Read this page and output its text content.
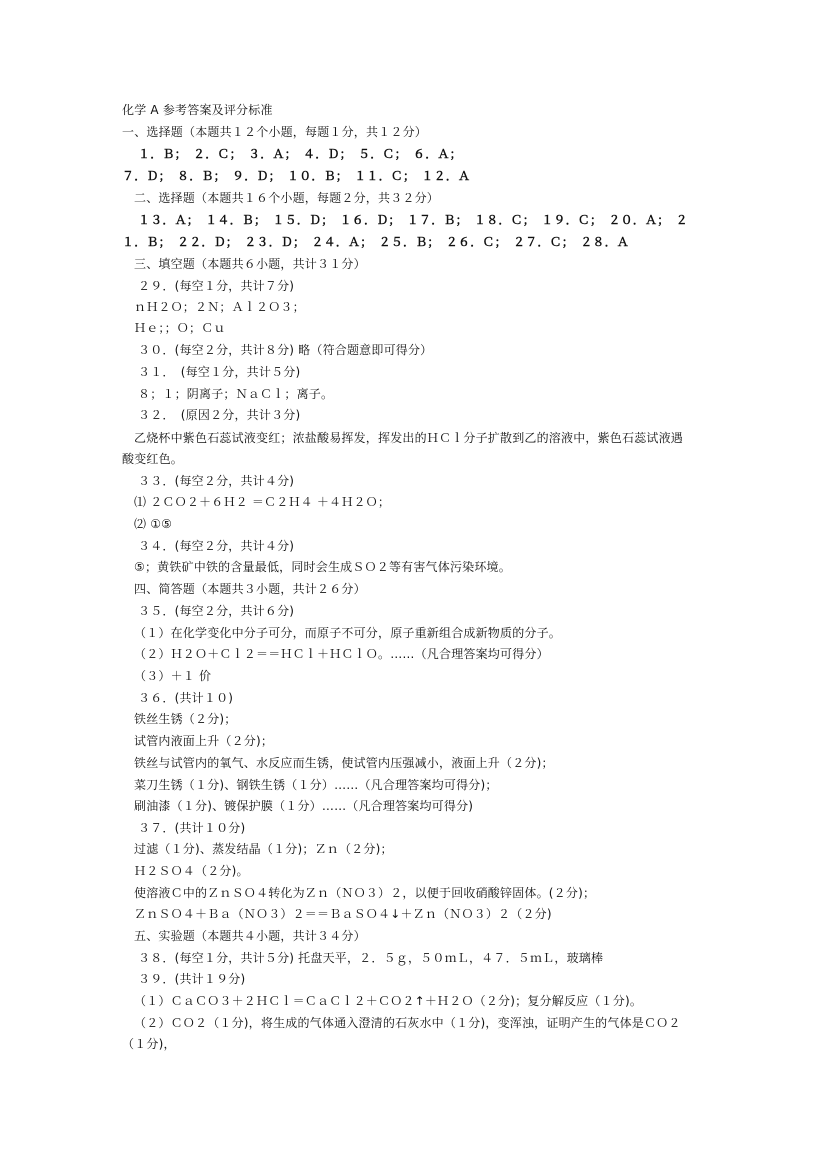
化学 A 参考答案及评分标准
一、选择题（本题共１２个小题，每题１分，共１２分）
１．Ｂ；　２．Ｃ；　３．Ａ；　４．Ｄ；　５．Ｃ；　６．Ａ；
７．Ｄ；　８．Ｂ；　９．Ｄ；　１０．Ｂ；　１１．Ｃ；　１２．Ａ
二、选择题（本题共１６个小题，每题２分，共３２分）
１３．Ａ；　１４．Ｂ；　１５．Ｄ；　１６．Ｄ；　１７．Ｂ；　１８．Ｃ；　１９．Ｃ；　２０．Ａ；　２
１．Ｂ；　２２．Ｄ；　２３．Ｄ；　２４．Ａ；　２５．Ｂ；　２６．Ｃ；　２７．Ｃ；　２８．Ａ
三、填空题（本题共６小题，共计３１分）
２９．(每空１分，共计７分)
ｎＨ２Ｏ；２Ｎ；Ａｌ２Ｏ３；
Ｈｅ；；Ｏ；Ｃｕ
３０．(每空２分，共计８分) 略（符合题意即可得分）
３１．　(每空１分，共计５分)
８；１；阴离子；ＮａＣｌ；离子。
３２．　(原因２分，共计３分)
乙烧杯中紫色石蕊试液变红；浓盐酸易挥发，挥发出的ＨＣｌ分子扩散到乙的溶液中，紫色石蕊试液遇
酸变红色。
３３．(每空２分，共计４分)
⑴ ２ＣＯ２＋６Ｈ２ ＝Ｃ２Ｈ４ ＋４Ｈ２Ｏ；
⑵ ①⑤
３４．(每空２分，共计４分)
⑤；黄铁矿中铁的含量最低，同时会生成ＳＯ２等有害气体污染环境。
四、简答题（本题共３小题，共计２６分）
３５．(每空２分，共计６分)
（１）在化学变化中分子可分，而原子不可分，原子重新组合成新物质的分子。
（２）Ｈ２Ｏ＋Ｃｌ２＝＝ＨＣｌ＋ＨＣｌＯ。……（凡合理答案均可得分）
（３）＋１ 价
３６．(共计１０)
铁丝生锈（２分)；
试管内液面上升（２分)；
铁丝与试管内的氧气、水反应而生锈，使试管内压强减小，液面上升（２分)；
菜刀生锈（１分)、钢铁生锈（１分）……（凡合理答案均可得分)；
刷油漆（１分)、镀保护膜（１分）……（凡合理答案均可得分)
３７．(共计１０分)
过滤（１分)、蒸发结晶（１分)；Ｚｎ（２分)；
Ｈ２ＳＯ４（２分)。
使溶液Ｃ中的ＺｎＳＯ４转化为Ｚｎ（ＮＯ３）２，以便于回收硝酸锌固体。(２分)；
ＺｎＳＯ４＋Ｂａ（ＮＯ３）２＝＝ＢａＳＯ４↓＋Ｚｎ（ＮＯ３）２（２分)
五、实验题（本题共４小题，共计３４分）
３８．(每空１分，共计５分) 托盘天平，２．５ｇ，５０ｍＬ，４７．５ｍＬ，玻璃棒
３９．(共计１９分)
（１）ＣａＣＯ３＋２ＨＣｌ＝ＣａＣｌ２＋ＣＯ２↑＋Ｈ２Ｏ（２分)；复分解反应（１分)。
（２）ＣＯ２（１分)，将生成的气体通入澄清的石灰水中（１分)，变浑浊，证明产生的气体是ＣＯ２
（１分)，
